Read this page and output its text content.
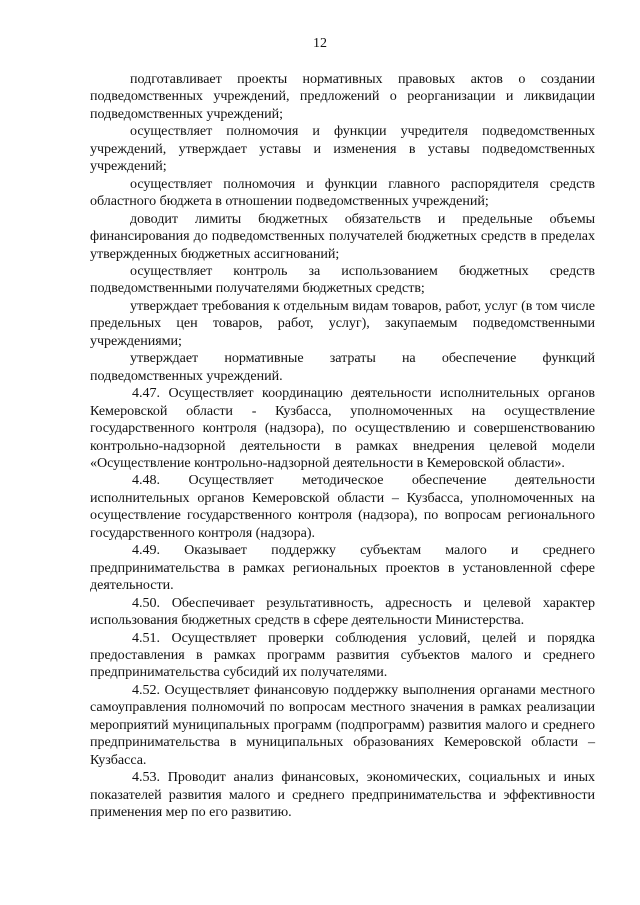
12

подготавливает проекты нормативных правовых актов о создании подведомственных учреждений, предложений о реорганизации и ликвидации подведомственных учреждений;

осуществляет полномочия и функции учредителя подведомственных учреждений, утверждает уставы и изменения в уставы подведомственных учреждений;

осуществляет полномочия и функции главного распорядителя средств областного бюджета в отношении подведомственных учреждений;

доводит лимиты бюджетных обязательств и предельные объемы финансирования до подведомственных получателей бюджетных средств в пределах утвержденных бюджетных ассигнований;

осуществляет контроль за использованием бюджетных средств подведомственными получателями бюджетных средств;

утверждает требования к отдельным видам товаров, работ, услуг (в том числе предельных цен товаров, работ, услуг), закупаемым подведомственными учреждениями;

утверждает нормативные затраты на обеспечение функций подведомственных учреждений.

4.47. Осуществляет координацию деятельности исполнительных органов Кемеровской области - Кузбасса, уполномоченных на осуществление государственного контроля (надзора), по осуществлению и совершенствованию контрольно-надзорной деятельности в рамках внедрения целевой модели «Осуществление контрольно-надзорной деятельности в Кемеровской области».

4.48. Осуществляет методическое обеспечение деятельности исполнительных органов Кемеровской области – Кузбасса, уполномоченных на осуществление государственного контроля (надзора), по вопросам регионального государственного контроля (надзора).

4.49. Оказывает поддержку субъектам малого и среднего предпринимательства в рамках региональных проектов в установленной сфере деятельности.

4.50. Обеспечивает результативность, адресность и целевой характер использования бюджетных средств в сфере деятельности Министерства.

4.51. Осуществляет проверки соблюдения условий, целей и порядка предоставления в рамках программ развития субъектов малого и среднего предпринимательства субсидий их получателями.

4.52. Осуществляет финансовую поддержку выполнения органами местного самоуправления полномочий по вопросам местного значения в рамках реализации мероприятий муниципальных программ (подпрограмм) развития малого и среднего предпринимательства в муниципальных образованиях Кемеровской области – Кузбасса.

4.53. Проводит анализ финансовых, экономических, социальных и иных показателей развития малого и среднего предпринимательства и эффективности применения мер по его развитию.
